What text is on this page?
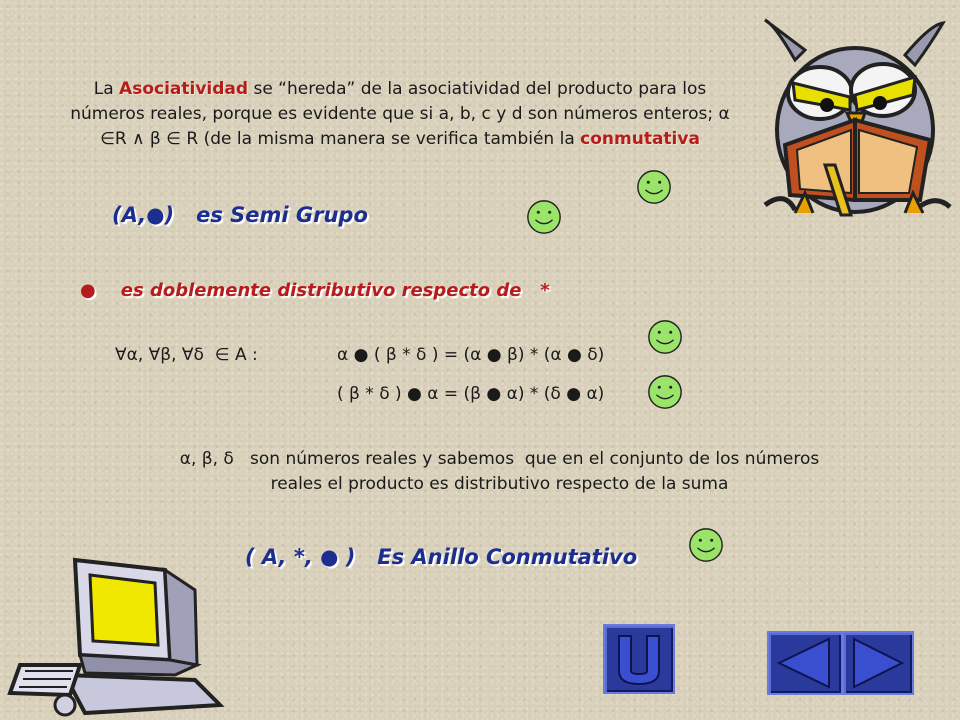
La Asociatividad se “hereda” de la asociatividad del producto para los números reales, porque es evidente que si a, b, c y d son números enteros; α ∈R ∧ β ∈ R (de la misma manera se verifica también la conmutativa
(A,●)   es Semi Grupo
●    es doblemente distributivo respecto de   *
∀α, ∀β, ∀δ  ∈ A :	α ● ( β * δ ) = (α ● β) * (α ● δ)
( β * δ ) ● α = (β ● α) * (δ ● α)
α, β, δ   son números reales y sabemos  que en el conjunto de los números reales el producto es distributivo respecto de la suma
( A, *, ● )   Es Anillo Conmutativo
